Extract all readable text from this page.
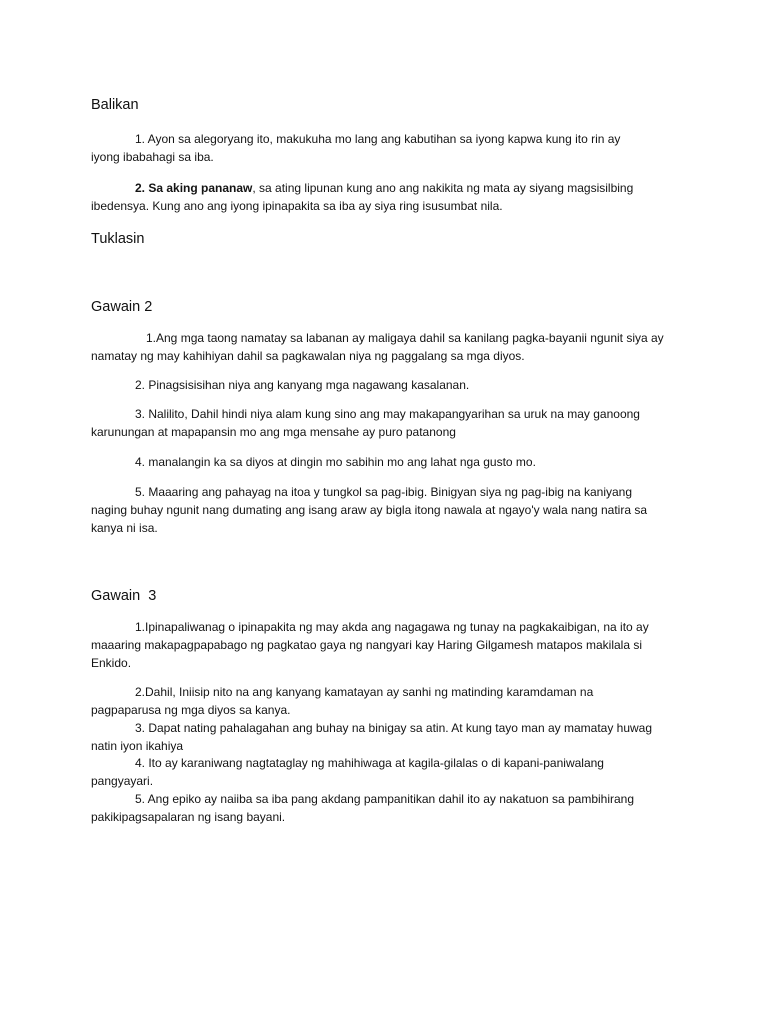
Balikan
1. Ayon sa alegoryang ito, makukuha mo lang ang kabutihan sa iyong kapwa kung ito rin ay
iyong ibabahagi sa iba.
2. Sa aking pananaw, sa ating lipunan kung ano ang nakikita ng mata ay siyang magsisilbing
ibedensya. Kung ano ang iyong ipinapakita sa iba ay siya ring isusumbat nila.
Tuklasin
Gawain 2
1.Ang mga taong namatay sa labanan ay maligaya dahil sa kanilang pagka-bayanii ngunit siya ay
namatay ng may kahihiyan dahil sa pagkawalan niya ng paggalang sa mga diyos.
2. Pinagsisisihan niya ang kanyang mga nagawang kasalanan.
3. Nalilito, Dahil hindi niya alam kung sino ang may makapangyarihan sa uruk na may ganoong
karunungan at mapapansin mo ang mga mensahe ay puro patanong
4. manalangin ka sa diyos at dingin mo sabihin mo ang lahat nga gusto mo.
5. Maaaring ang pahayag na itoa y tungkol sa pag-ibig. Binigyan siya ng pag-ibig na kaniyang
naging buhay ngunit nang dumating ang isang araw ay bigla itong nawala at ngayo'y wala nang natira sa
kanya ni isa.
Gawain  3
1.Ipinapaliwanag o ipinapakita ng may akda ang nagagawa ng tunay na pagkakaibigan, na ito ay
maaaring makapagpapabago ng pagkatao gaya ng nangyari kay Haring Gilgamesh matapos makilala si
Enkido.
2.Dahil, Iniisip nito na ang kanyang kamatayan ay sanhi ng matinding karamdaman na
pagpaparusa ng mga diyos sa kanya.
3. Dapat nating pahalagahan ang buhay na binigay sa atin. At kung tayo man ay mamatay huwag
natin iyon ikahiya
4. Ito ay karaniwang nagtataglay ng mahihiwaga at kagila-gilalas o di kapani-paniwalang
pangyayari.
5. Ang epiko ay naiiba sa iba pang akdang pampanitikan dahil ito ay nakatuon sa pambihirang
pakikipagsapalaran ng isang bayani.
